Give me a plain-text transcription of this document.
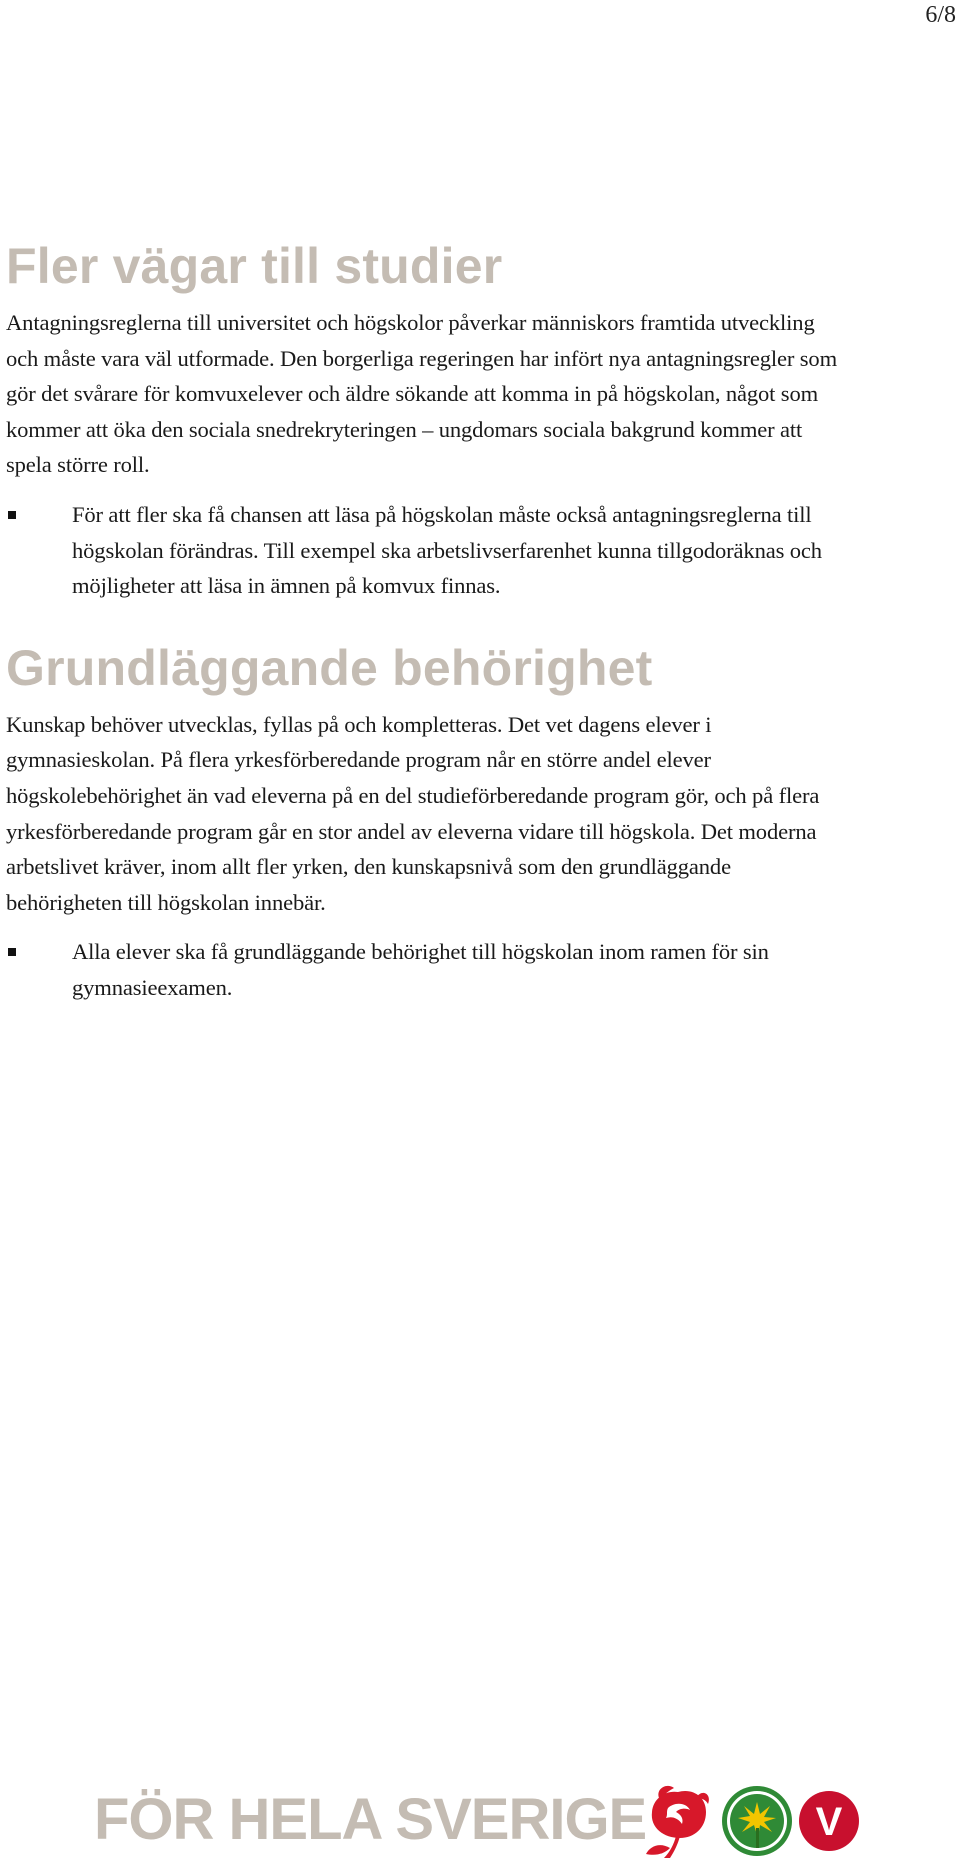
6/8
Fler vägar till studier

Antagningsreglerna till universitet och högskolor påverkar människors framtida utveckling
och måste vara väl utformade. Den borgerliga regeringen har infört nya antagningsregler som
gör det svårare för komvuxelever och äldre sökande att komma in på högskolan, något som
kommer att öka den sociala snedrekryteringen – ungdomars sociala bakgrund kommer att
spela större roll.

För att fler ska få chansen att läsa på högskolan måste också antagningsreglerna till
högskolan förändras. Till exempel ska arbetslivserfarenhet kunna tillgodoräknas och
möjligheter att läsa in ämnen på komvux finnas.
Grundläggande behörighet

Kunskap behöver utvecklas, fyllas på och kompletteras. Det vet dagens elever i
gymnasieskolan. På flera yrkesförberedande program når en större andel elever
högskolebehörighet än vad eleverna på en del studieförberedande program gör, och på flera
yrkesförberedande program går en stor andel av eleverna vidare till högskola. Det moderna
arbetslivet kräver, inom allt fler yrken, den kunskapsnivå som den grundläggande
behörigheten till högskolan innebär.

Alla elever ska få grundläggande behörighet till högskolan inom ramen för sin
gymnasieexamen.
FÖR HELA SVERIGE	V
